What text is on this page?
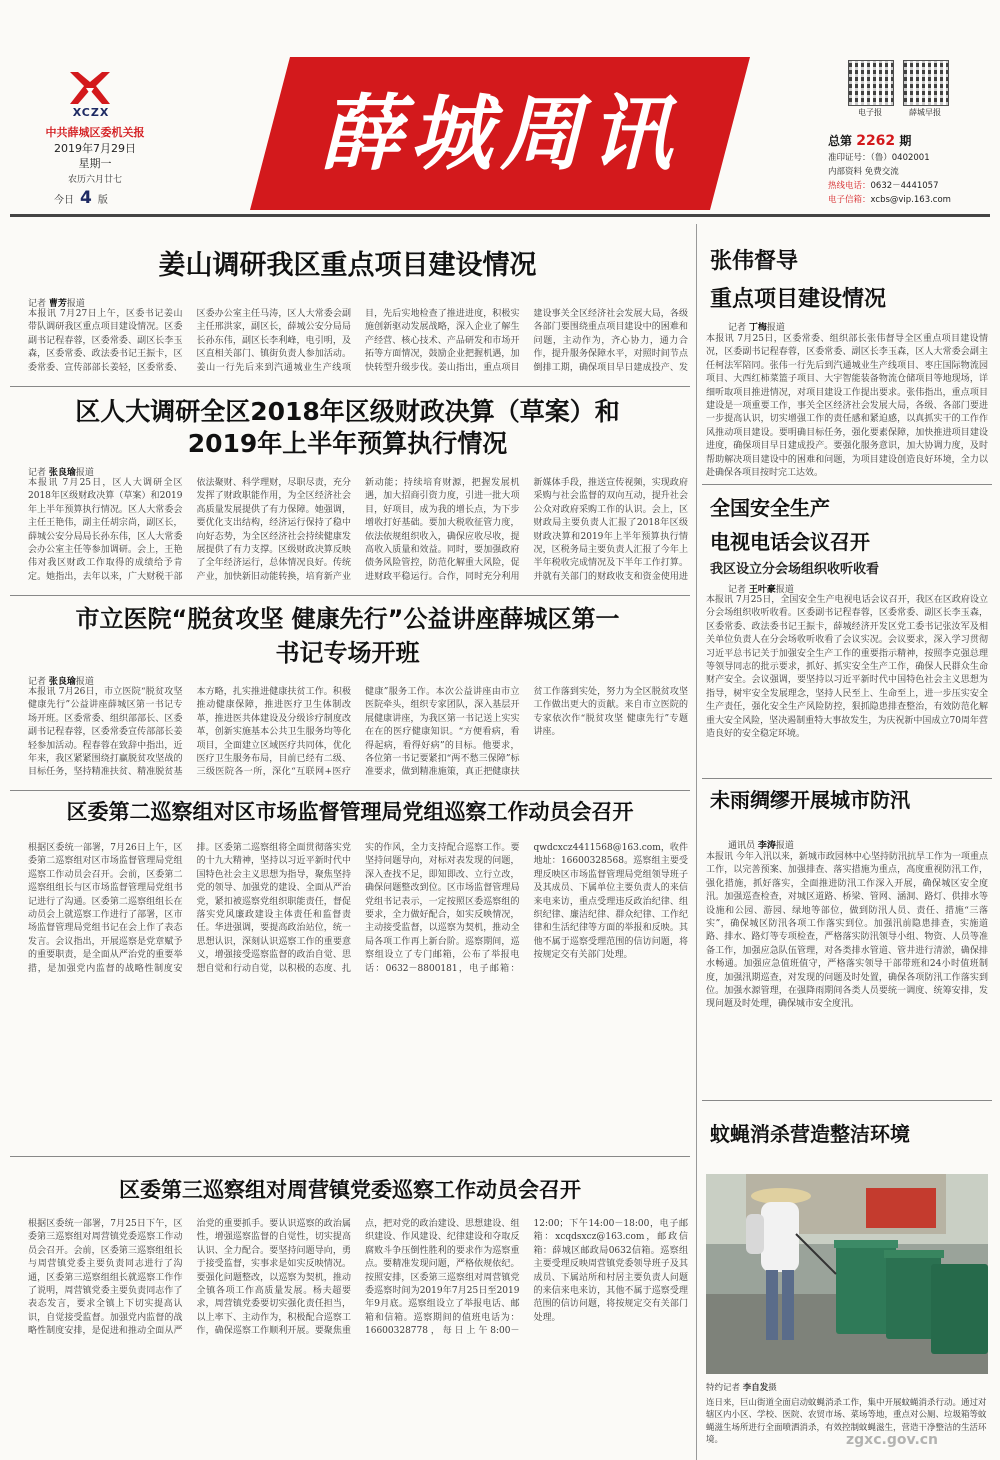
XCZX
中共薛城区委机关报
2019年7月29日
星期一
农历六月廿七
今日 4 版
薛城周讯	电子报	薛城早报
总第 2262 期
准印证号：（鲁）0402001
内部资料 免费交流
热线电话：0632－4441057
电子信箱：xcbs@vip.163.com
姜山调研我区重点项目建设情况
记者 曹芳报道
本报讯 7月27日上午，区委书记姜山带队调研我区重点项目建设情况。区委副书记程春蓉，区委常委、副区长李玉森，区委常委、政法委书记王振卡，区委常委、宣传部部长姜轻，区委常委、区委办公室主任马涛，区人大常委会副主任邢洪家，副区长，薛城公安分局局长孙东伟，副区长李利峰，电引明，及区直相关部门、镇街负责人参加活动。姜山一行先后来到汽通城业生产线项目，先后实地检查了推进进度，积极实施创新驱动发展战略，深入企业了解生产经营、核心技术、产品研发和市场开拓等方面情况，鼓励企业把握机遇，加快转型升级步伐。姜山指出，重点项目建设事关全区经济社会发展大局，各级各部门要围绕重点项目建设中的困难和问题，主动作为，齐心协力，通力合作，提升服务保障水平，对照时间节点倒排工期，确保项目早日建成投产、发
区人大调研全区2018年区级财政决算（草案）和2019年上半年预算执行情况
记者 张良瑜报道
本报讯 7月25日，区人大调研全区2018年区级财政决算（草案）和2019年上半年预算执行情况。区人大常委会主任王艳伟，副主任胡宗尚，副区长，薛城公安分局局长孙东伟，区人大常委会办公室主任等参加调研。会上，王艳伟对我区财政工作取得的成绩给予肯定。她指出，去年以来，广大财税干部依法聚财、科学理财，尽职尽责，充分发挥了财政职能作用，为全区经济社会高质量发展提供了有力保障。她强调，要优化支出结构，经济运行保持了稳中向好态势，为全区经济社会持续健康发展提供了有力支撑。区级财政决算反映了全年经济运行，总体情况良好。传统产业，加快新旧动能转换，培育新产业新动能；持续培育财源，把握发展机遇，加大招商引资力度，引进一批大项目，好项目，成为我的增长点，为下步增收打好基础。要加大税收征管力度，依法依规组织收入，确保应收尽收，提高收入质量和效益。同时，要加强政府债务风险管控，防范化解重大风险，促进财政平稳运行。合作，同时充分利用新媒体手段，推送宣传视频，实现政府采购与社会监督的双向互动，提升社会公众对政府采购工作的认识。会上，区财政局主要负责人汇报了2018年区级财政决算和2019年上半年预算执行情况，区税务局主要负责人汇报了今年上半年税收完成情况及下半年工作打算。并就有关部门的财政收支和资金使用进
市立医院“脱贫攻坚 健康先行”公益讲座薛城区第一书记专场开班
记者 张良瑜报道
本报讯 7月26日，市立医院“脱贫攻坚 健康先行”公益讲座薛城区第一书记专场开班。区委常委、组织部部长、区委副书记程春蓉，区委常委宣传部部长姜轻参加活动。程春蓉在致辞中指出，近年来，我区紧紧围绕打赢脱贫攻坚战的目标任务，坚持精准扶贫、精准脱贫基本方略，扎实推进健康扶贫工作。积极推动健康保障，推进医疗卫生体制改革，推进医共体建设及分级诊疗制度改革，创新实施基本公共卫生服务均等化项目，全面建立区域医疗共同体，优化医疗卫生服务布局，目前已经有二级、三级医院各一所，深化“互联网+医疗健康”服务工作。本次公益讲座由市立医院牵头，组织专家团队，深入基层开展健康讲座，为我区第一书记送上实实在在的医疗健康知识。“方便看病，看得起病，看得好病”的目标。他要求，各位第一书记要紧扣“两不愁三保障”标准要求，做到精准施策，真正把健康扶贫工作落到实处，努力为全区脱贫攻坚工作做出更大的贡献。来自市立医院的专家依次作“脱贫攻坚 健康先行”专题讲座。
区委第二巡察组对区市场监督管理局党组巡察工作动员会召开
根据区委统一部署，7月26日上午，区委第二巡察组对区市场监督管理局党组巡察工作动员会召开。会前，区委第二巡察组组长与区市场监督管理局党组书记进行了沟通。区委第二巡察组组长在动员会上就巡察工作进行了部署，区市场监督管理局党组书记在会上作了表态发言。会议指出，开展巡察是党章赋予的重要职责，是全面从严治党的重要举措，是加强党内监督的战略性制度安排。区委第二巡察组将全面贯彻落实党的十九大精神，坚持以习近平新时代中国特色社会主义思想为指导，聚焦坚持党的领导、加强党的建设、全面从严治党，紧扣被巡察党组织职能责任，督促落实党风廉政建设主体责任和监督责任。华进强调，要提高政治站位，统一思想认识，深刻认识巡察工作的重要意义，增强接受巡察监督的政治自觉、思想自觉和行动自觉，以积极的态度、扎实的作风，全力支持配合巡察工作。要坚持问题导向，对标对表发现的问题，深入查找不足，即知即改、立行立改，确保问题整改到位。区市场监督管理局党组书记表示，一定按照区委巡察组的要求，全力做好配合，如实反映情况，主动接受监督，以巡察为契机，推动全局各项工作再上新台阶。巡察期间，巡察组设立了专门邮箱，公布了举报电话：0632－8800181，电子邮箱：qwdcxcz4411568@163.com，收件地址：16600328568。巡察组主要受理反映区市场监督管理局党组领导班子及其成员、下属单位主要负责人的来信来电来访，重点受理违反政治纪律、组织纪律、廉洁纪律、群众纪律、工作纪律和生活纪律等方面的举报和反映。其他不属于巡察受理范围的信访问题，将按规定交有关部门处理。
区委第三巡察组对周营镇党委巡察工作动员会召开
根据区委统一部署，7月25日下午，区委第三巡察组对周营镇党委巡察工作动员会召开。会前，区委第三巡察组组长与周营镇党委主要负责同志进行了沟通，区委第三巡察组组长就巡察工作作了说明，周营镇党委主要负责同志作了表态发言，要求全镇上下切实提高认识，自觉接受监督。加强党内监督的战略性制度安排，是促进和推动全面从严治党的重要抓手。要认识巡察的政治属性，增强巡察监督的自觉性，切实提高认识、全力配合。要坚持问题导向，勇于接受监督，实事求是如实反映情况。要强化问题整改，以巡察为契机，推动全镇各项工作高质量发展。杨夫超要求，周营镇党委要切实强化责任担当，以上率下、主动作为，积极配合巡察工作，确保巡察工作顺利开展。要聚焦重点，把对党的政治建设、思想建设、组织建设、作风建设、纪律建设和夺取反腐败斗争压倒性胜利的要求作为巡察重点。要精准发现问题，严格依规依纪。按照安排，区委第三巡察组对周营镇党委巡察时间为2019年7月25日至2019年9月底。巡察组设立了举报电话、邮箱和信箱。巡察期间的值班电话为：16600328778，每日上午8:00－12:00；下午14:00－18:00，电子邮箱：xcqdsxcz@163.com，邮政信箱：薛城区邮政局0632信箱。巡察组主要受理反映周营镇党委领导班子及其成员、下属站所和村居主要负责人问题的来信来电来访，其他不属于巡察受理范围的信访问题，将按规定交有关部门处理。
张伟督导
重点项目建设情况
记者 丁梅报道
本报讯 7月25日，区委常委、组织部长张伟督导全区重点项目建设情况，区委副书记程春蓉，区委常委、副区长李玉森，区人大常委会副主任柯法军陪同。张伟一行先后到汽通城业生产线项目、枣庄国际物流园项目、大西红柿菜篮子项目、大宇智能装备物流仓储项目等地现场，详细听取项目推进情况，对项目建设工作提出要求。张伟指出，重点项目建设是一项重要工作，事关全区经济社会发展大局，各级、各部门要进一步提高认识，切实增强工作的责任感和紧迫感，以真抓实干的工作作风推动项目建设。要明确目标任务，强化要素保障，加快推进项目建设进度，确保项目早日建成投产。要强化服务意识，加大协调力度，及时帮助解决项目建设中的困难和问题，为项目建设创造良好环境，全力以赴确保各项目按时完工达效。
全国安全生产
电视电话会议召开
我区设立分会场组织收听收看
记者 王叶豪报道
本报讯 7月25日，全国安全生产电视电话会议召开，我区在区政府设立分会场组织收听收看。区委副书记程春蓉，区委常委、副区长李玉森，区委常委、政法委书记王振卡，薛城经济开发区党工委书记张汝军及相关单位负责人在分会场收听收看了会议实况。会议要求，深入学习贯彻习近平总书记关于加强安全生产工作的重要指示精神，按照李克强总理等领导同志的批示要求，抓好、抓实安全生产工作，确保人民群众生命财产安全。会议强调，要坚持以习近平新时代中国特色社会主义思想为指导，树牢安全发展理念，坚持人民至上、生命至上，进一步压实安全生产责任，强化安全生产风险防控，狠抓隐患排查整治，有效防范化解重大安全风险，坚决遏制重特大事故发生，为庆祝新中国成立70周年营造良好的安全稳定环境。
未雨绸缪开展城市防汛
通讯员 李涛报道
本报讯 今年入汛以来，新城市政园林中心坚持防汛抗旱工作为一项重点工作，以完善预案、加强排查、落实措施为重点，高度重视防汛工作，强化措施，抓好落实，全面推进防汛工作深入开展，确保城区安全度汛。加强巡查检查，对城区道路、桥梁、管网、涵洞、路灯、供排水等设施和公园、游园、绿地等部位，做到防汛人员、责任、措施“三落实”，确保城区防汛各项工作落实到位。加强汛前隐患排查，实施道路、排水、路灯等专项检查，严格落实防汛领导小组、物资、人员等准备工作，加强应急队伍管理，对各类排水管道、管井进行清淤，确保排水畅通。加强应急值班值守，严格落实领导干部带班和24小时值班制度，加强汛期巡查，对发现的问题及时处置，确保各项防汛工作落实到位。加强水源管理，在强降雨期间各类人员要统一调度、统筹安排，发现问题及时处理，确保城市安全度汛。
蚊蝇消杀营造整洁环境
特约记者 李自发摄
连日来，巨山街道全面启动蚊蝇消杀工作，集中开展蚊蝇消杀行动。通过对辖区内小区、学校、医院、农贸市场、菜场等地，重点对公厕、垃圾箱等蚊蝇滋生场所进行全面喷洒消杀，有效控制蚊蝇滋生，营造干净整洁的生活环境。	zgxc.gov.cn
